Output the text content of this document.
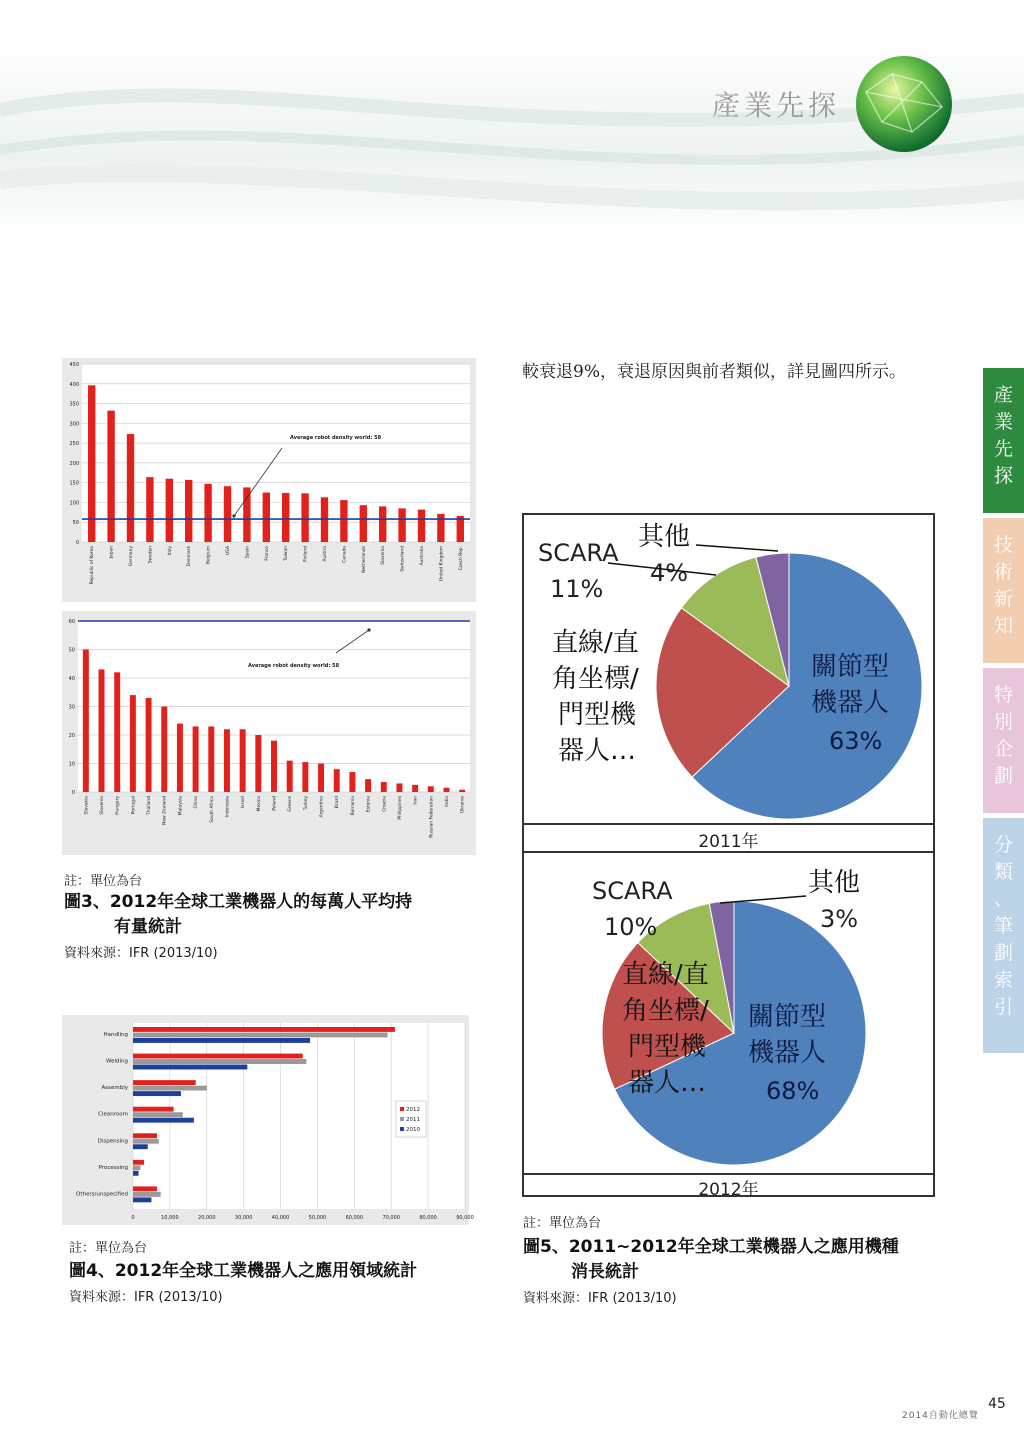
產業先探
產
業
先
探
技
術
新
知
特
別
企
劃
分
類
、
筆
劃
索
引
較衰退9%，衰退原因與前者類似，詳見圖四所示。
0
50
100
150
200
250
300
350
400
450
Republic of Korea	Japan	Germany	Sweden	Italy	Denmark	Belgium	USA	Spain	France	Taiwan	Finland	Austria	Canada	Netherlands	Slovenia	Switzerland	Australia	United Kingdom	Czech Rep.
Average robot density world: 58
0
10
20
30
40
50
60
Slovakia Slovenia Hungary Portugal Thailand New Zealand Malaysia China South Africa Indonesia Israel Mexico Poland Greece Turkey Argentina Brazil Romania Estonia Croatia Philippines Iran Russian Federation India Ukraine
Average robot density world: 58
註：單位為台
圖3、2012年全球工業機器人的每萬人平均持
有量統計
資料來源：IFR (2013/10)
0	10,000	20,000	30,000	40,000	50,000	60,000	70,000	80,000	90,000
Handling
Welding
Assembly
Cleanroom
Dispensing
Processing
Others/unspecified
2012
2011
2010
註：單位為台
圖4、2012年全球工業機器人之應用領域統計
資料來源：IFR (2013/10)
關節型
機器人
63%
直線/直
角坐標/
門型機
器人…
SCARA
11%
其他
4%
2011年
關節型
機器人
68%
直線/直
角坐標/
門型機
器人…
SCARA
10%
其他
3%
2012年
註：單位為台
圖5、2011~2012年全球工業機器人之應用機種
消長統計
資料來源：IFR (2013/10)
2014自動化總覽
45
